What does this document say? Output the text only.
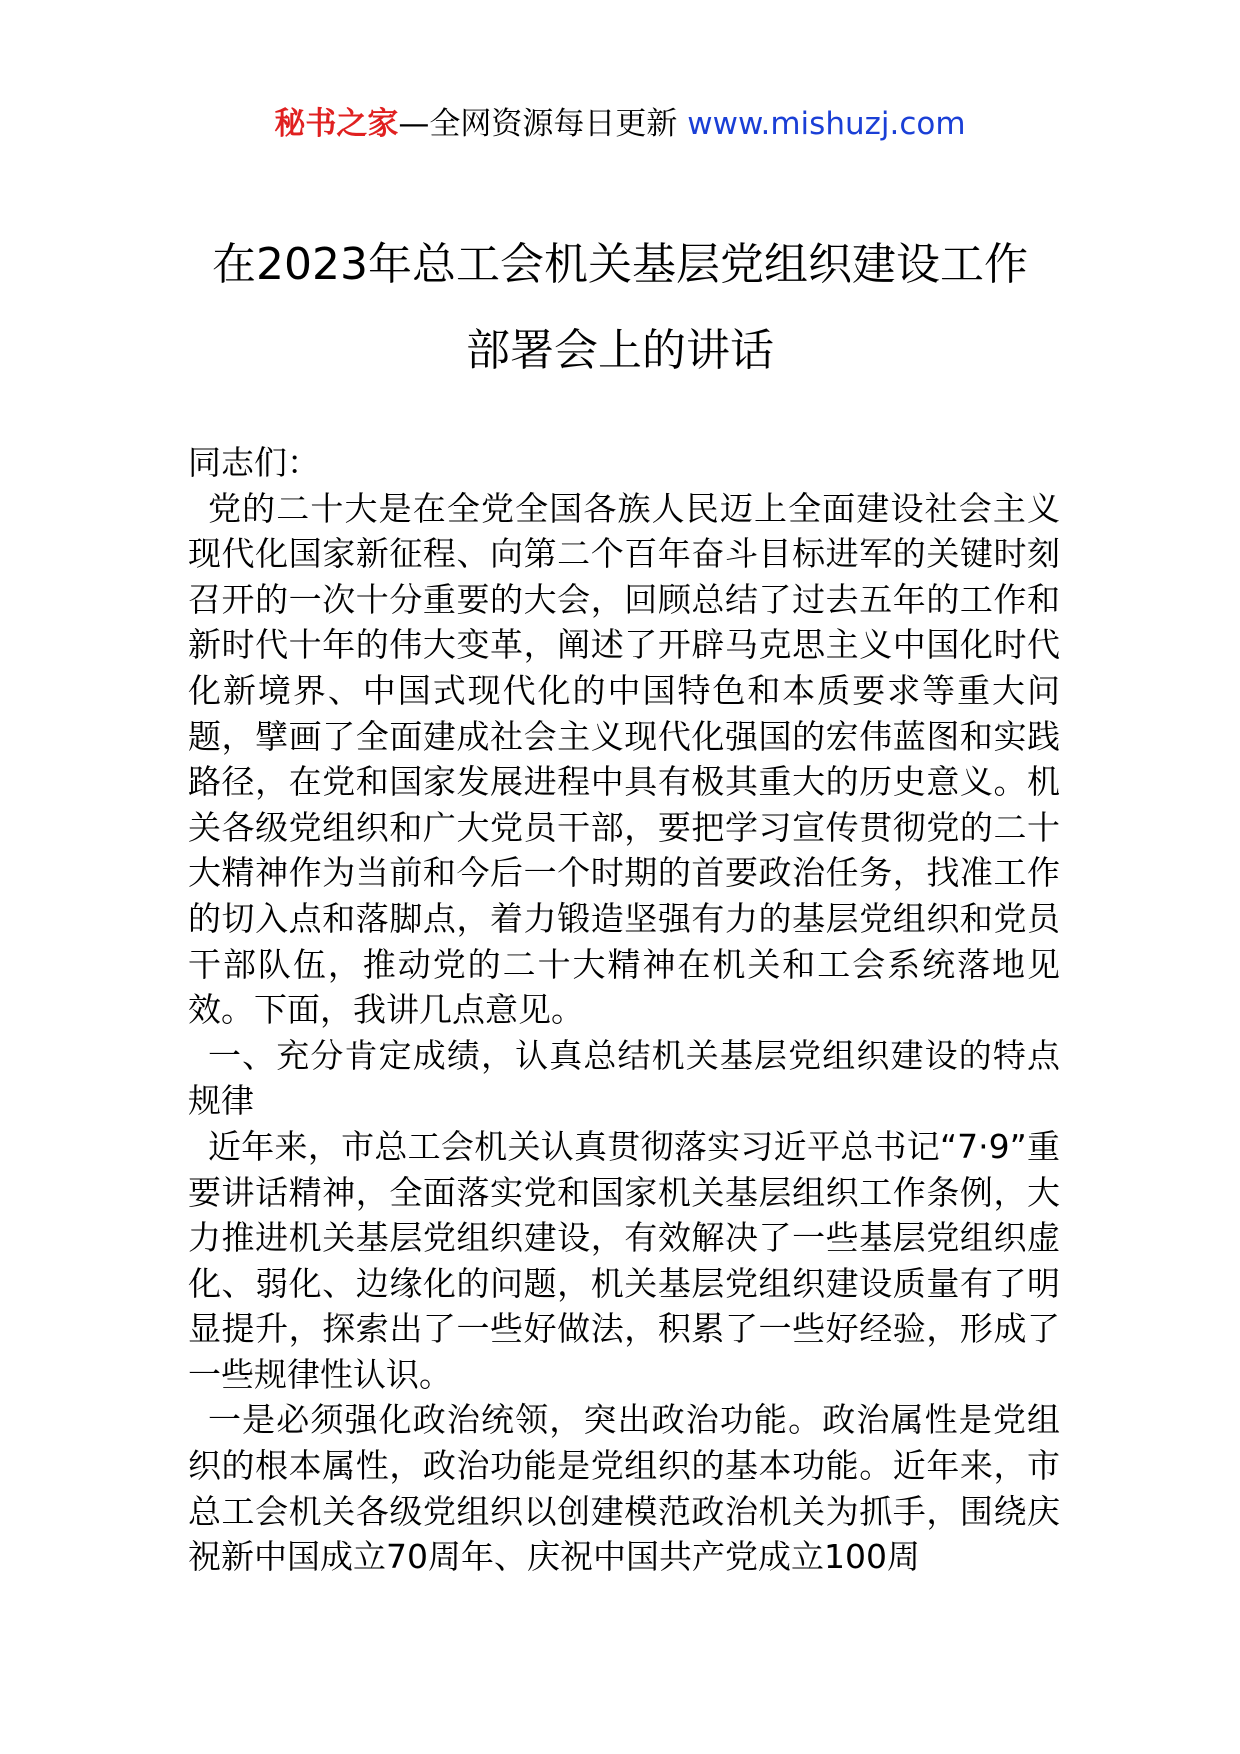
秘书之家—全网资源每日更新 www.mishuzj.com
在2023年总工会机关基层党组织建设工作
部署会上的讲话

同志们：

党的二十大是在全党全国各族人民迈上全面建设社会主义现代化国家新征程、向第二个百年奋斗目标进军的关键时刻召开的一次十分重要的大会，回顾总结了过去五年的工作和新时代十年的伟大变革，阐述了开辟马克思主义中国化时代化新境界、中国式现代化的中国特色和本质要求等重大问题，擘画了全面建成社会主义现代化强国的宏伟蓝图和实践路径，在党和国家发展进程中具有极其重大的历史意义。机关各级党组织和广大党员干部，要把学习宣传贯彻党的二十大精神作为当前和今后一个时期的首要政治任务，找准工作的切入点和落脚点，着力锻造坚强有力的基层党组织和党员干部队伍，推动党的二十大精神在机关和工会系统落地见效。下面，我讲几点意见。

一、充分肯定成绩，认真总结机关基层党组织建设的特点规律

近年来，市总工会机关认真贯彻落实习近平总书记“7·9”重要讲话精神，全面落实党和国家机关基层组织工作条例，大力推进机关基层党组织建设，有效解决了一些基层党组织虚化、弱化、边缘化的问题，机关基层党组织建设质量有了明显提升，探索出了一些好做法，积累了一些好经验，形成了一些规律性认识。

一是必须强化政治统领，突出政治功能。政治属性是党组织的根本属性，政治功能是党组织的基本功能。近年来，市总工会机关各级党组织以创建模范政治机关为抓手，围绕庆祝新中国成立70周年、庆祝中国共产党成立100周
